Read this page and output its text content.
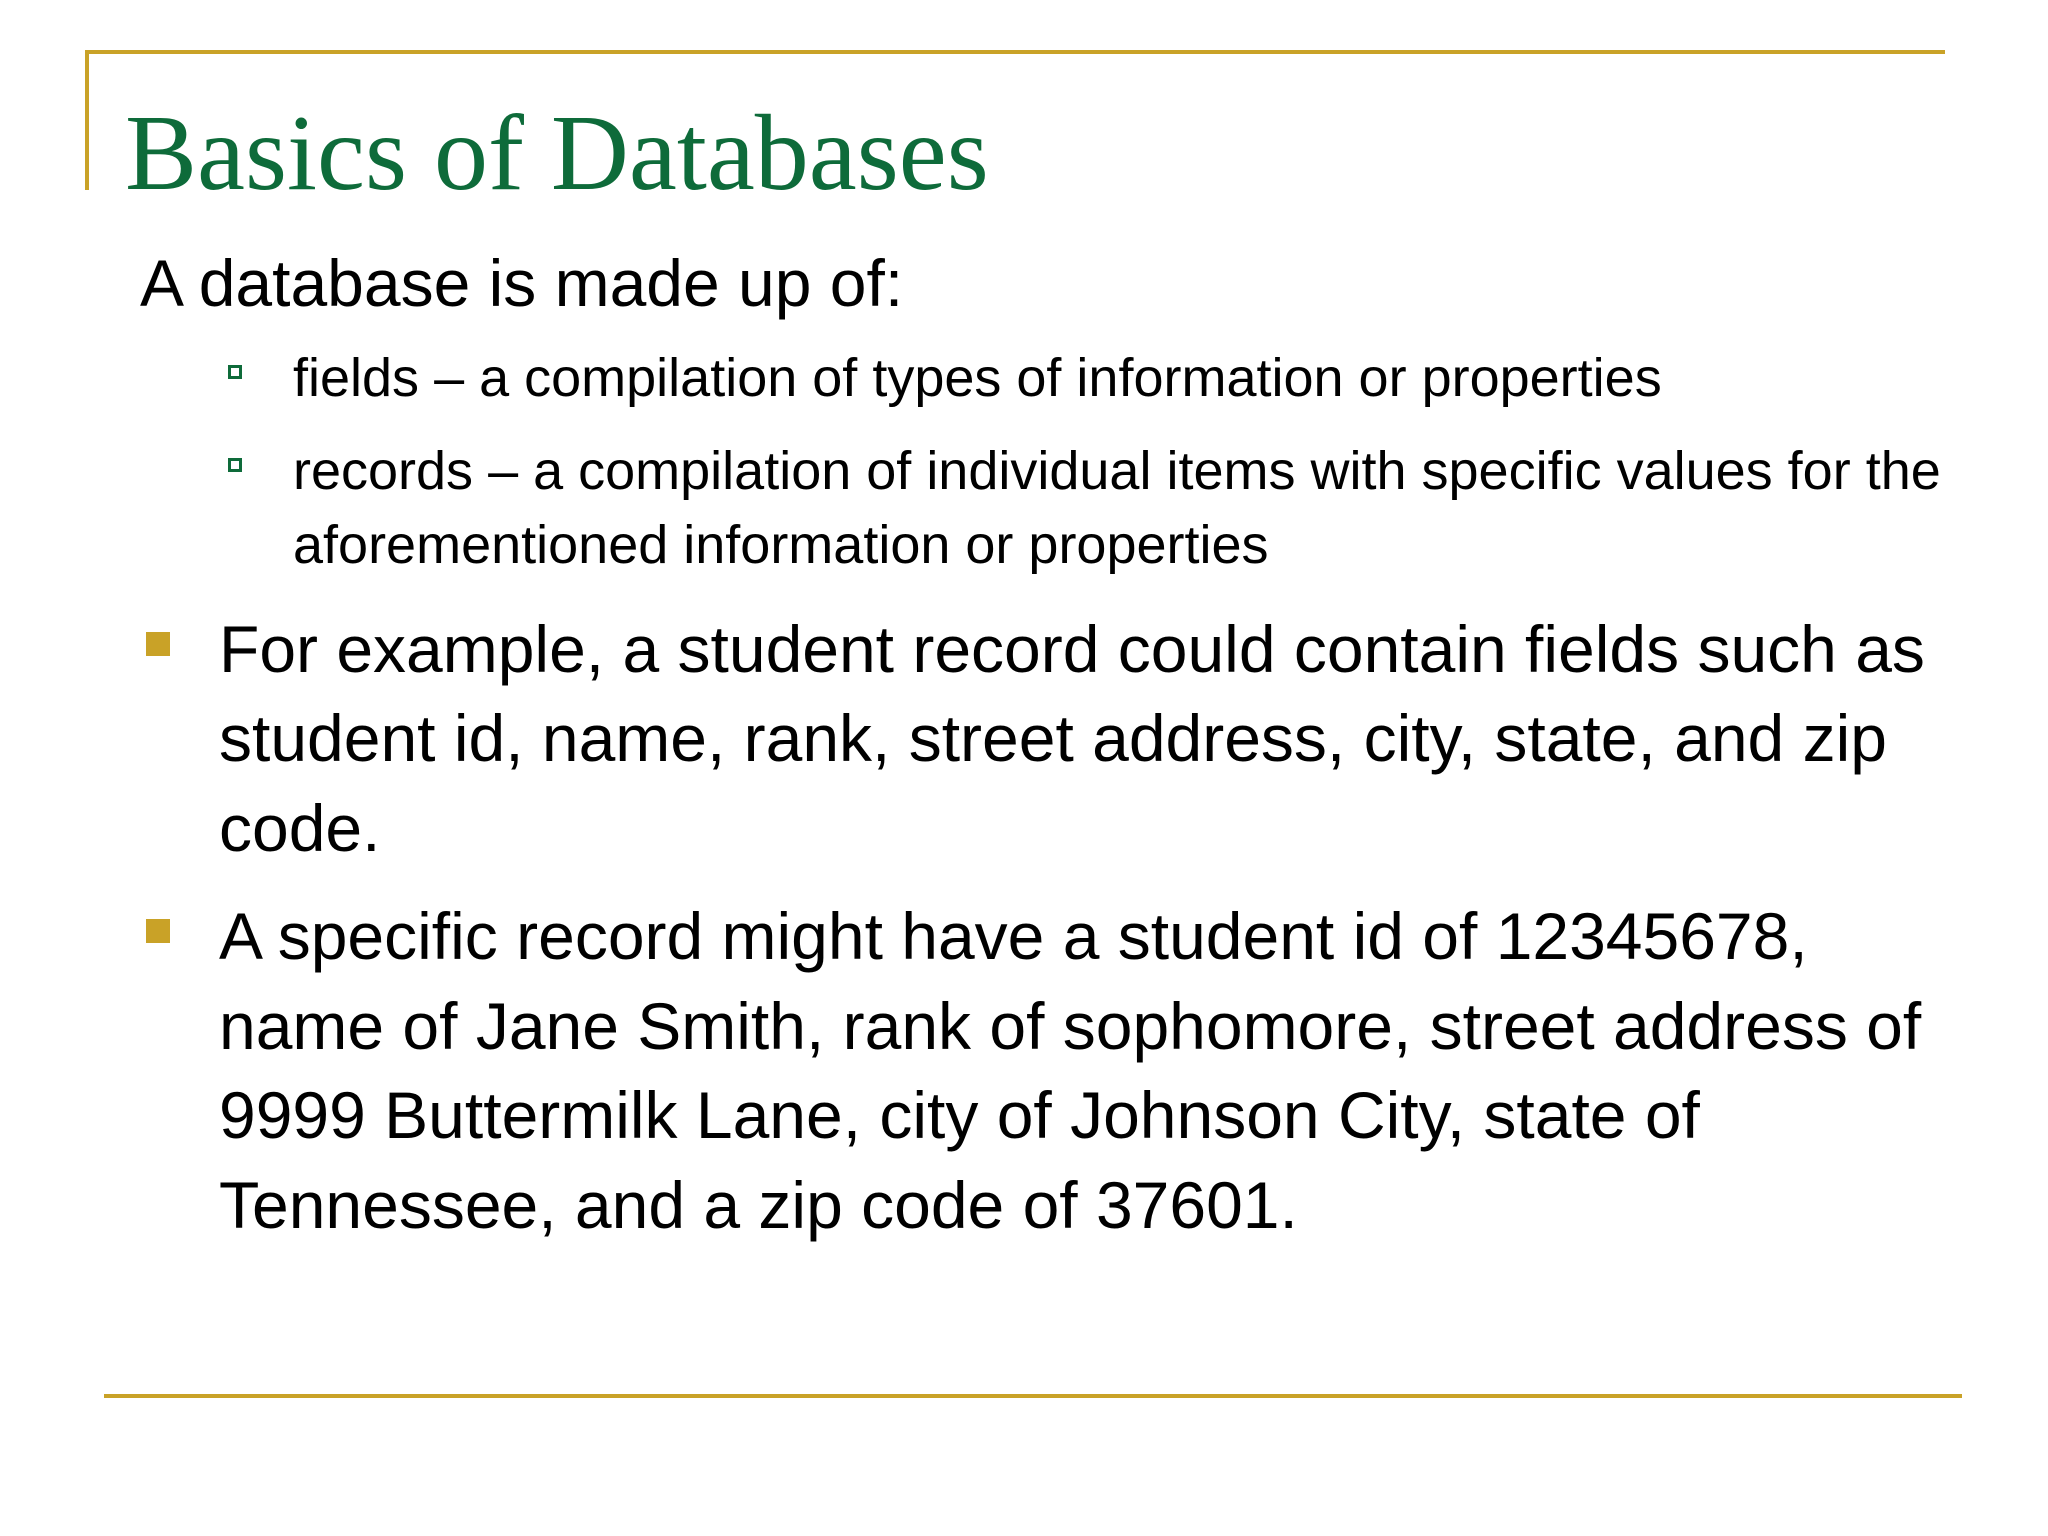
Basics of Databases

A database is made up of:

fields – a compilation of types of information or properties
records – a compilation of individual items with specific values for the aforementioned information or properties
For example, a student record could contain fields such as student id, name, rank, street address, city, state, and zip code.
A specific record might have a student id of 12345678, name of Jane Smith, rank of sophomore, street address of 9999 Buttermilk Lane, city of Johnson City, state of Tennessee, and a zip code of 37601.
